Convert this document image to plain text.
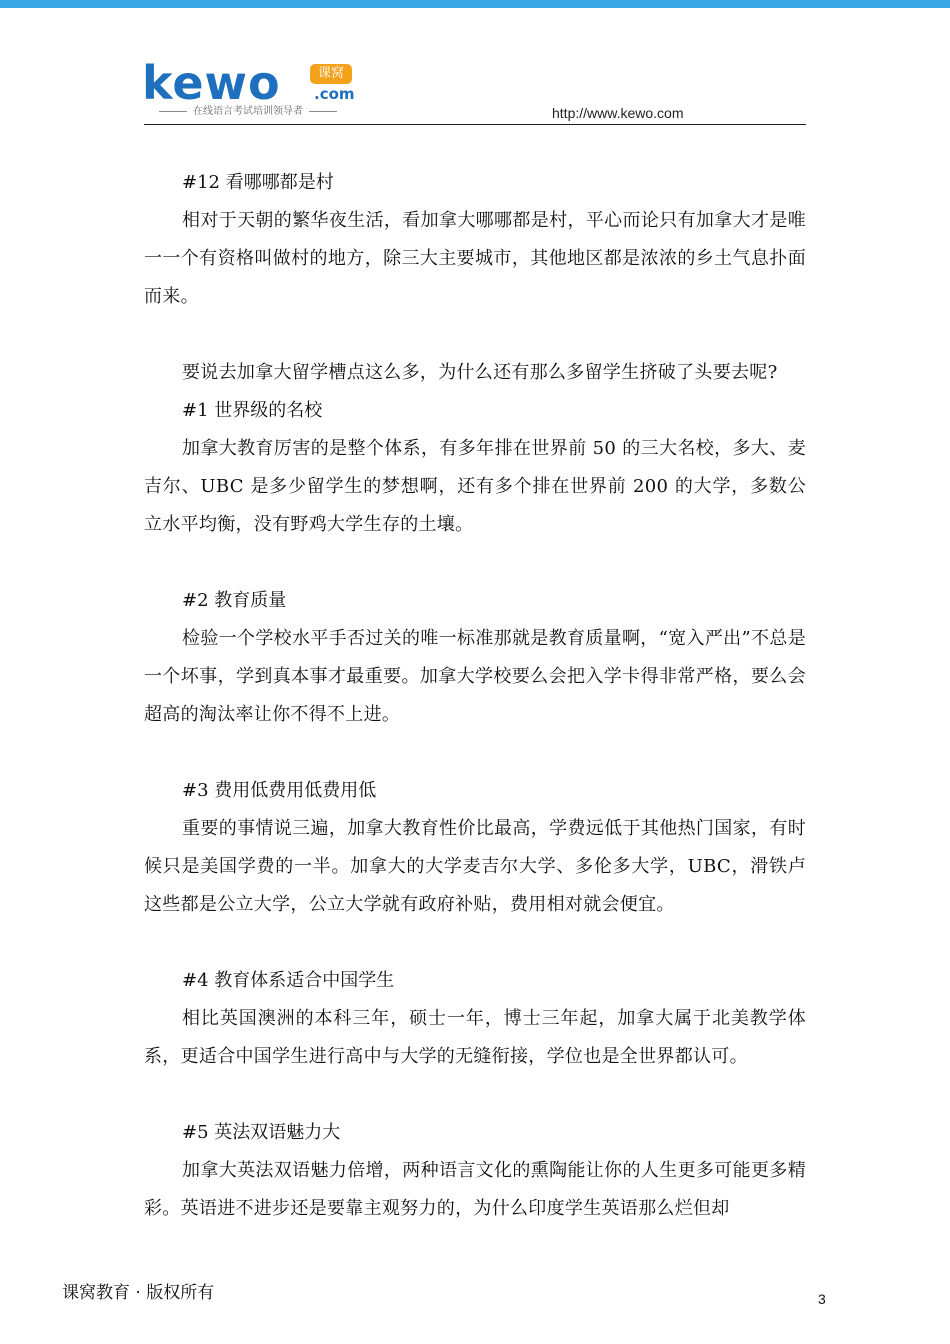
kewo	课窝
.com
在线语言考试培训领导者	http://www.kewo.com

#12 看哪哪都是村

相对于天朝的繁华夜生活，看加拿大哪哪都是村，平心而论只有加拿大才是唯一一个有资格叫做村的地方，除三大主要城市，其他地区都是浓浓的乡土气息扑面而来。

要说去加拿大留学槽点这么多，为什么还有那么多留学生挤破了头要去呢?

#1 世界级的名校

加拿大教育厉害的是整个体系，有多年排在世界前 50 的三大名校，多大、麦吉尔、UBC 是多少留学生的梦想啊，还有多个排在世界前 200 的大学，多数公立水平均衡，没有野鸡大学生存的土壤。

#2 教育质量

检验一个学校水平手否过关的唯一标准那就是教育质量啊，“宽入严出”不总是一个坏事，学到真本事才最重要。加拿大学校要么会把入学卡得非常严格，要么会超高的淘汰率让你不得不上进。

#3 费用低费用低费用低

重要的事情说三遍，加拿大教育性价比最高，学费远低于其他热门国家，有时候只是美国学费的一半。加拿大的大学麦吉尔大学、多伦多大学，UBC，滑铁卢这些都是公立大学，公立大学就有政府补贴，费用相对就会便宜。

#4 教育体系适合中国学生

相比英国澳洲的本科三年，硕士一年，博士三年起，加拿大属于北美教学体系，更适合中国学生进行高中与大学的无缝衔接，学位也是全世界都认可。

#5 英法双语魅力大

加拿大英法双语魅力倍增，两种语言文化的熏陶能让你的人生更多可能更多精彩。英语进不进步还是要靠主观努力的，为什么印度学生英语那么烂但却

课窝教育 · 版权所有	3
